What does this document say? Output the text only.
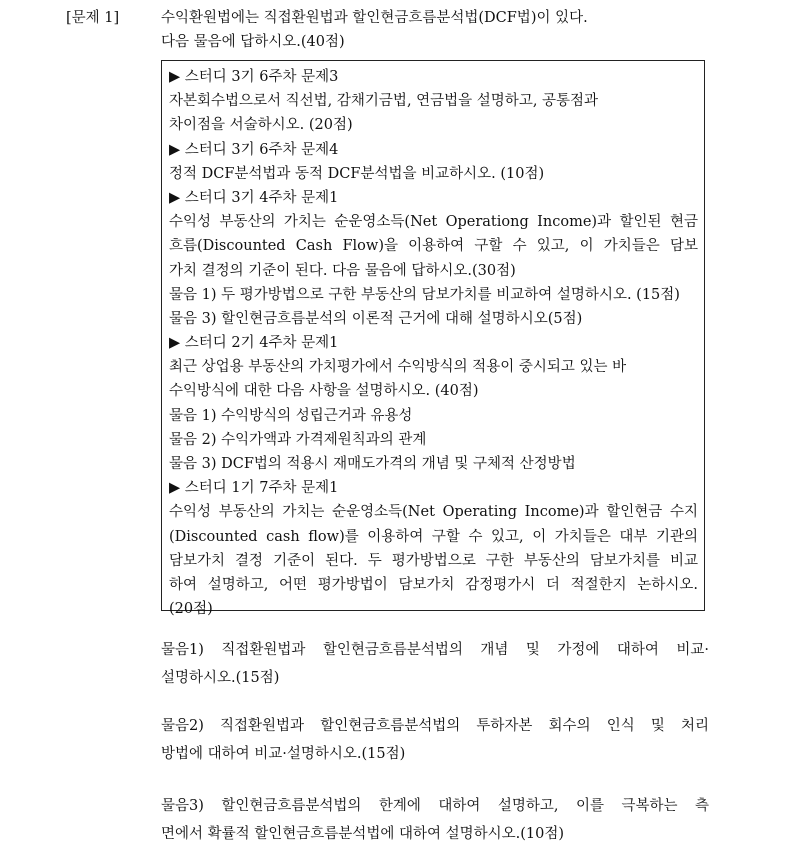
[문제 1]	수익환원법에는 직접환원법과 할인현금흐름분석법(DCF법)이 있다.
다음 물음에 답하시오.(40점)
▶ 스터디 3기 6주차 문제3
자본회수법으로서 직선법, 감채기금법, 연금법을 설명하고, 공통점과
차이점을 서술하시오. (20점)
▶ 스터디 3기 6주차 문제4
정적 DCF분석법과 동적 DCF분석법을 비교하시오. (10점)
▶ 스터디 3기 4주차 문제1
수익성 부동산의 가치는 순운영소득(Net Operationg Income)과 할인된 현금
흐름(Discounted Cash Flow)을 이용하여 구할 수 있고, 이 가치들은 담보
가치 결정의 기준이 된다. 다음 물음에 답하시오.(30점)
물음 1) 두 평가방법으로 구한 부동산의 담보가치를 비교하여 설명하시오. (15점)
물음 3) 할인현금흐름분석의 이론적 근거에 대해 설명하시오(5점)
▶ 스터디 2기 4주차 문제1
최근 상업용 부동산의 가치평가에서 수익방식의 적용이 중시되고 있는 바
수익방식에 대한 다음 사항을 설명하시오. (40점)
물음 1) 수익방식의 성립근거과 유용성
물음 2) 수익가액과 가격제원칙과의 관계
물음 3) DCF법의 적용시 재매도가격의 개념 및 구체적 산정방법
▶ 스터디 1기 7주차 문제1
수익성 부동산의 가치는 순운영소득(Net Operating Income)과 할인현금 수지
(Discounted cash flow)를 이용하여 구할 수 있고, 이 가치들은 대부 기관의
담보가치 결정 기준이 된다. 두 평가방법으로 구한 부동산의 담보가치를 비교
하여 설명하고, 어떤 평가방법이 담보가치 감정평가시 더 적절한지 논하시오.
(20점)
물음1) 직접환원법과 할인현금흐름분석법의 개념 및 가정에 대하여 비교·
설명하시오.(15점)
물음2) 직접환원법과 할인현금흐름분석법의 투하자본 회수의 인식 및 처리
방법에 대하여 비교·설명하시오.(15점)
물음3) 할인현금흐름분석법의 한계에 대하여 설명하고, 이를 극복하는 측
면에서 확률적 할인현금흐름분석법에 대하여 설명하시오.(10점)
